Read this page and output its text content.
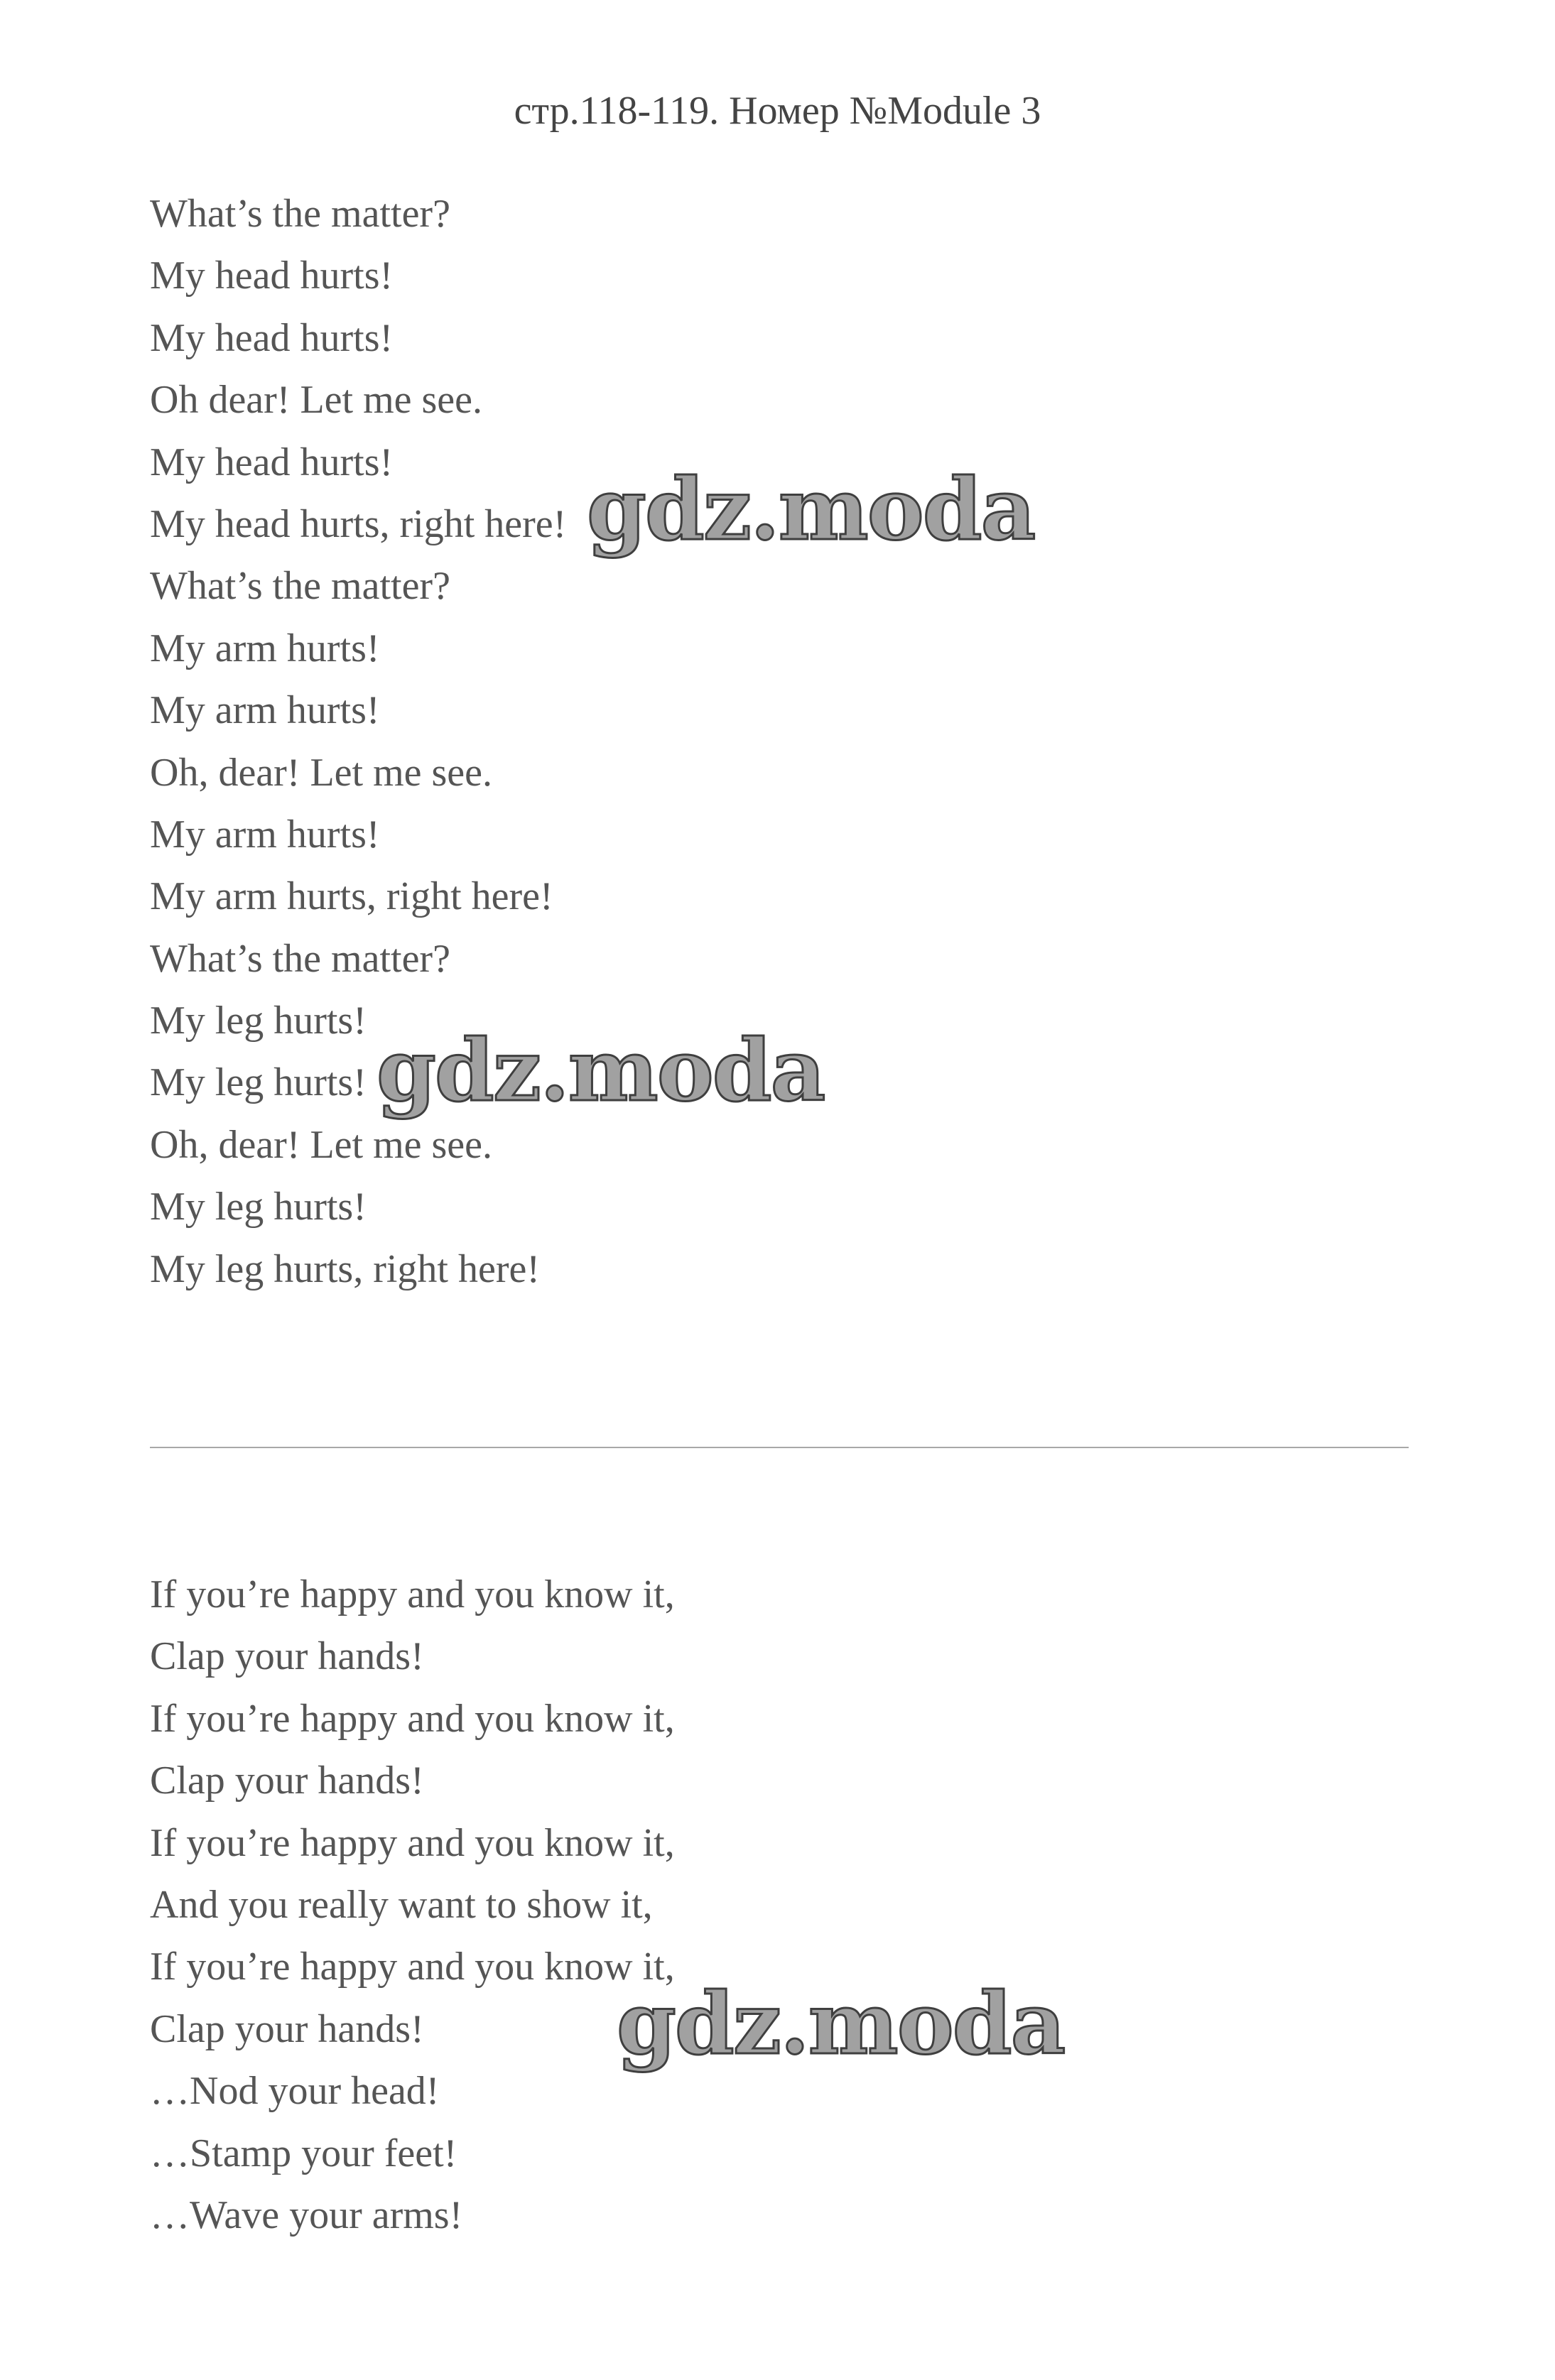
стр.118-119. Номер №Module 3
What’s the matter?
My head hurts!
My head hurts!
Oh dear! Let me see.
My head hurts!
My head hurts, right here!
What’s the matter?
My arm hurts!
My arm hurts!
Oh, dear! Let me see.
My arm hurts!
My arm hurts, right here!
What’s the matter?
My leg hurts!
My leg hurts!
Oh, dear! Let me see.
My leg hurts!
My leg hurts, right here!
If you’re happy and you know it,
Clap your hands!
If you’re happy and you know it,
Clap your hands!
If you’re happy and you know it,
And you really want to show it,
If you’re happy and you know it,
Clap your hands!
…Nod your head!
…Stamp your feet!
…Wave your arms!
gdz.moda
gdz.moda
gdz.moda
